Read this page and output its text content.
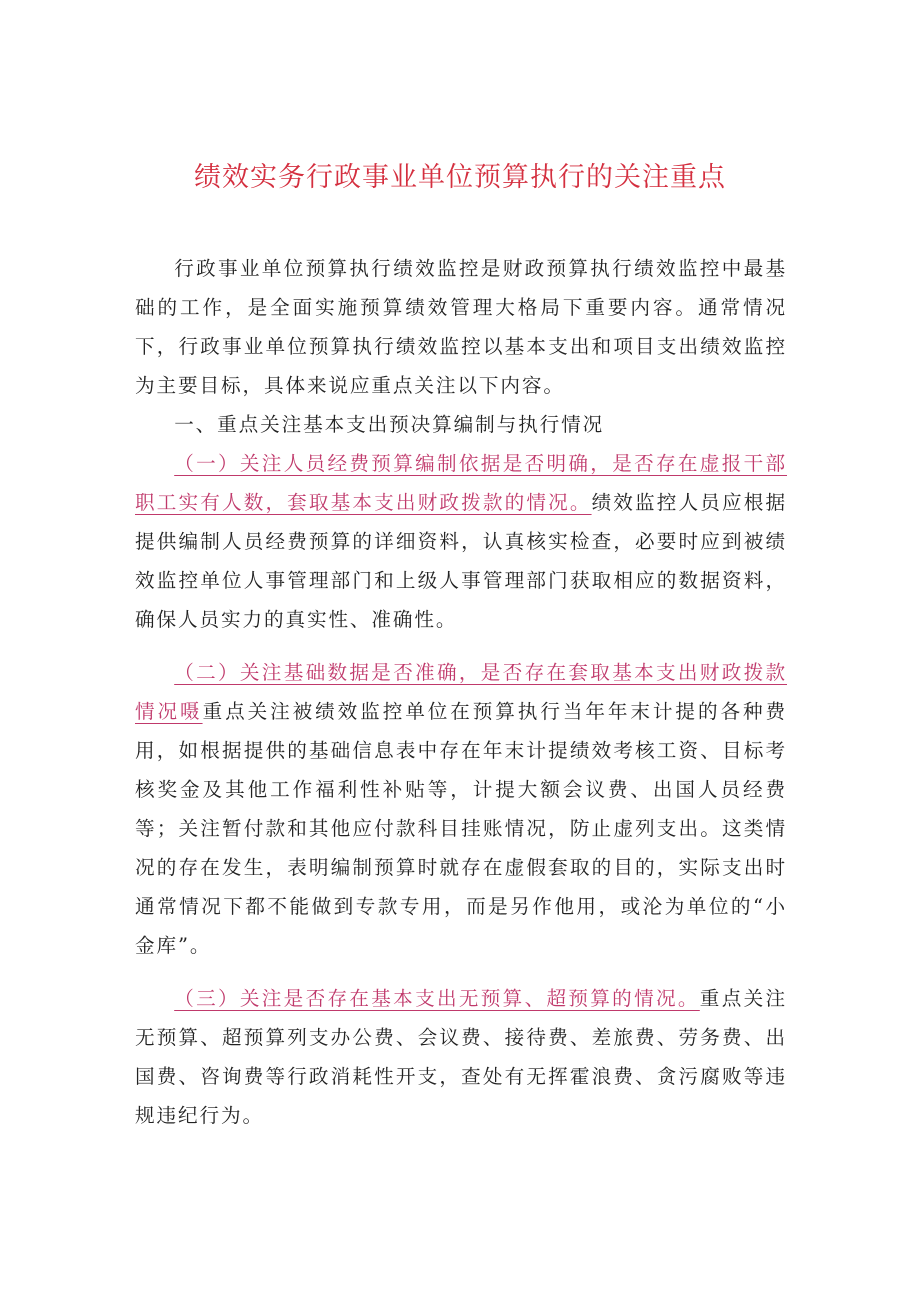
绩效实务行政事业单位预算执行的关注重点

行政事业单位预算执行绩效监控是财政预算执行绩效监控中最基础的工作，是全面实施预算绩效管理大格局下重要内容。通常情况下，行政事业单位预算执行绩效监控以基本支出和项目支出绩效监控为主要目标，具体来说应重点关注以下内容。

一、重点关注基本支出预决算编制与执行情况

（一）关注人员经费预算编制依据是否明确，是否存在虚报干部职工实有人数，套取基本支出财政拨款的情况。绩效监控人员应根据提供编制人员经费预算的详细资料，认真核实检查，必要时应到被绩效监控单位人事管理部门和上级人事管理部门获取相应的数据资料，确保人员实力的真实性、准确性。

（二）关注基础数据是否准确，是否存在套取基本支出财政拨款情况嗫重点关注被绩效监控单位在预算执行当年年末计提的各种费用，如根据提供的基础信息表中存在年末计提绩效考核工资、目标考核奖金及其他工作福利性补贴等，计提大额会议费、出国人员经费等；关注暂付款和其他应付款科目挂账情况，防止虚列支出。这类情况的存在发生，表明编制预算时就存在虚假套取的目的，实际支出时通常情况下都不能做到专款专用，而是另作他用，或沦为单位的“小金库”。

（三）关注是否存在基本支出无预算、超预算的情况。重点关注无预算、超预算列支办公费、会议费、接待费、差旅费、劳务费、出国费、咨询费等行政消耗性开支，查处有无挥霍浪费、贪污腐败等违规违纪行为。
